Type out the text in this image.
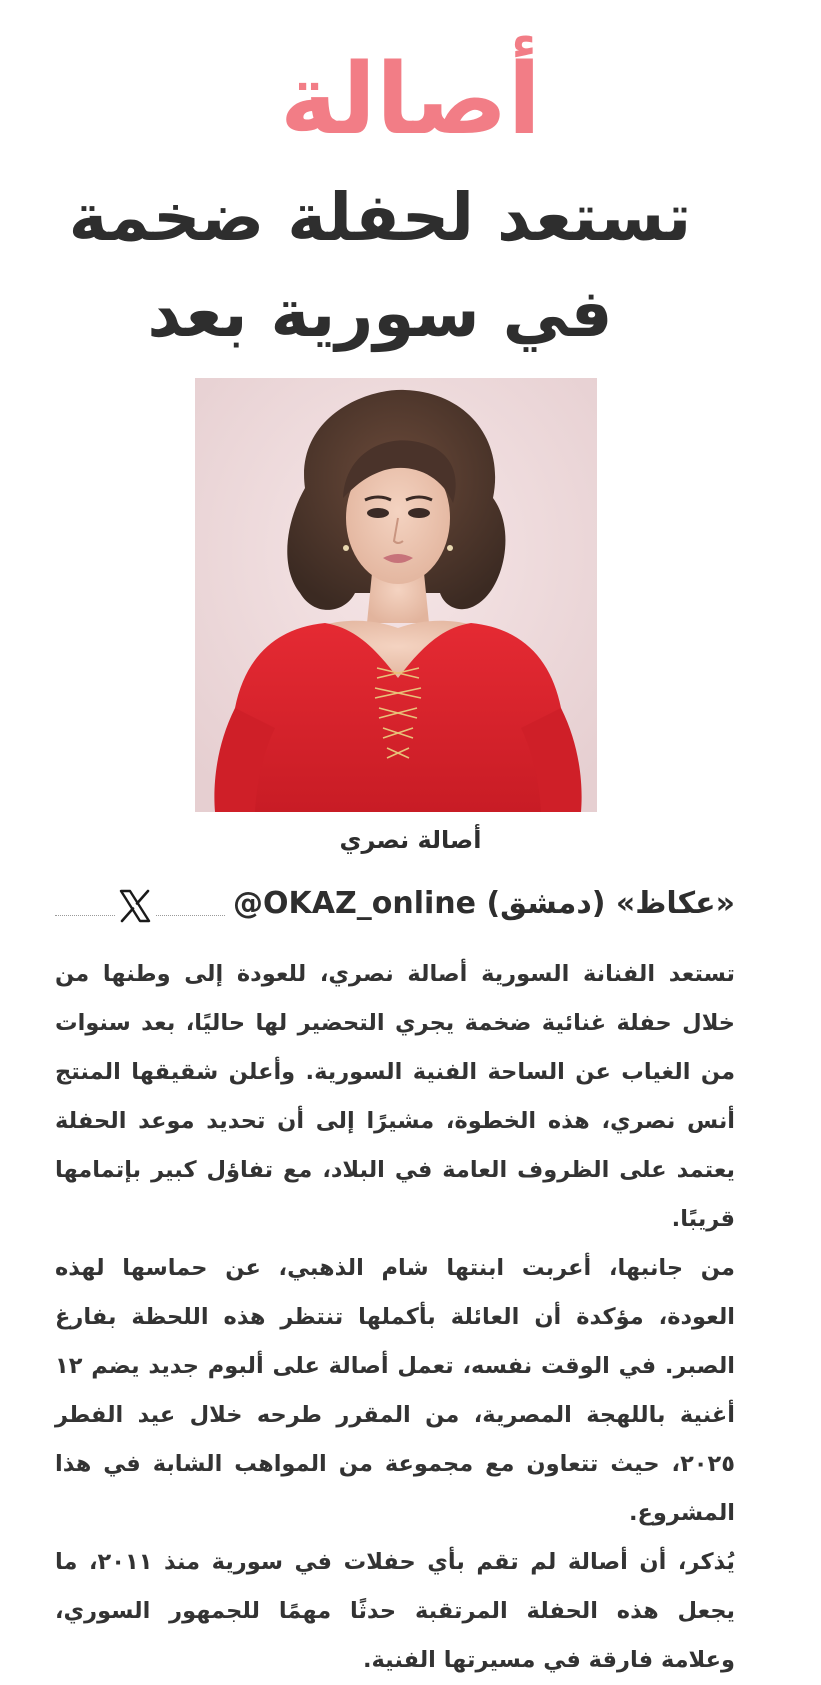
أصالة
تستعد لحفلة ضخمة في سورية بعد
أصالة نصري
«عكاظ» (دمشق) @OKAZ_online

تستعد الفنانة السورية أصالة نصري، للعودة إلى وطنها من خلال حفلة غنائية ضخمة يجري التحضير لها حاليًا، بعد سنوات من الغياب عن الساحة الفنية السورية. وأعلن شقيقها المنتج أنس نصري، هذه الخطوة، مشيرًا إلى أن تحديد موعد الحفلة يعتمد على الظروف العامة في البلاد، مع تفاؤل كبير بإتمامها قريبًا.

من جانبها، أعربت ابنتها شام الذهبي، عن حماسها لهذه العودة، مؤكدة أن العائلة بأكملها تنتظر هذه اللحظة بفارغ الصبر. في الوقت نفسه، تعمل أصالة على ألبوم جديد يضم ١٢ أغنية باللهجة المصرية، من المقرر طرحه خلال عيد الفطر ٢٠٢٥، حيث تتعاون مع مجموعة من المواهب الشابة في هذا المشروع.

يُذكر، أن أصالة لم تقم بأي حفلات في سورية منذ ٢٠١١، ما يجعل هذه الحفلة المرتقبة حدثًا مهمًا للجمهور السوري، وعلامة فارقة في مسيرتها الفنية.
